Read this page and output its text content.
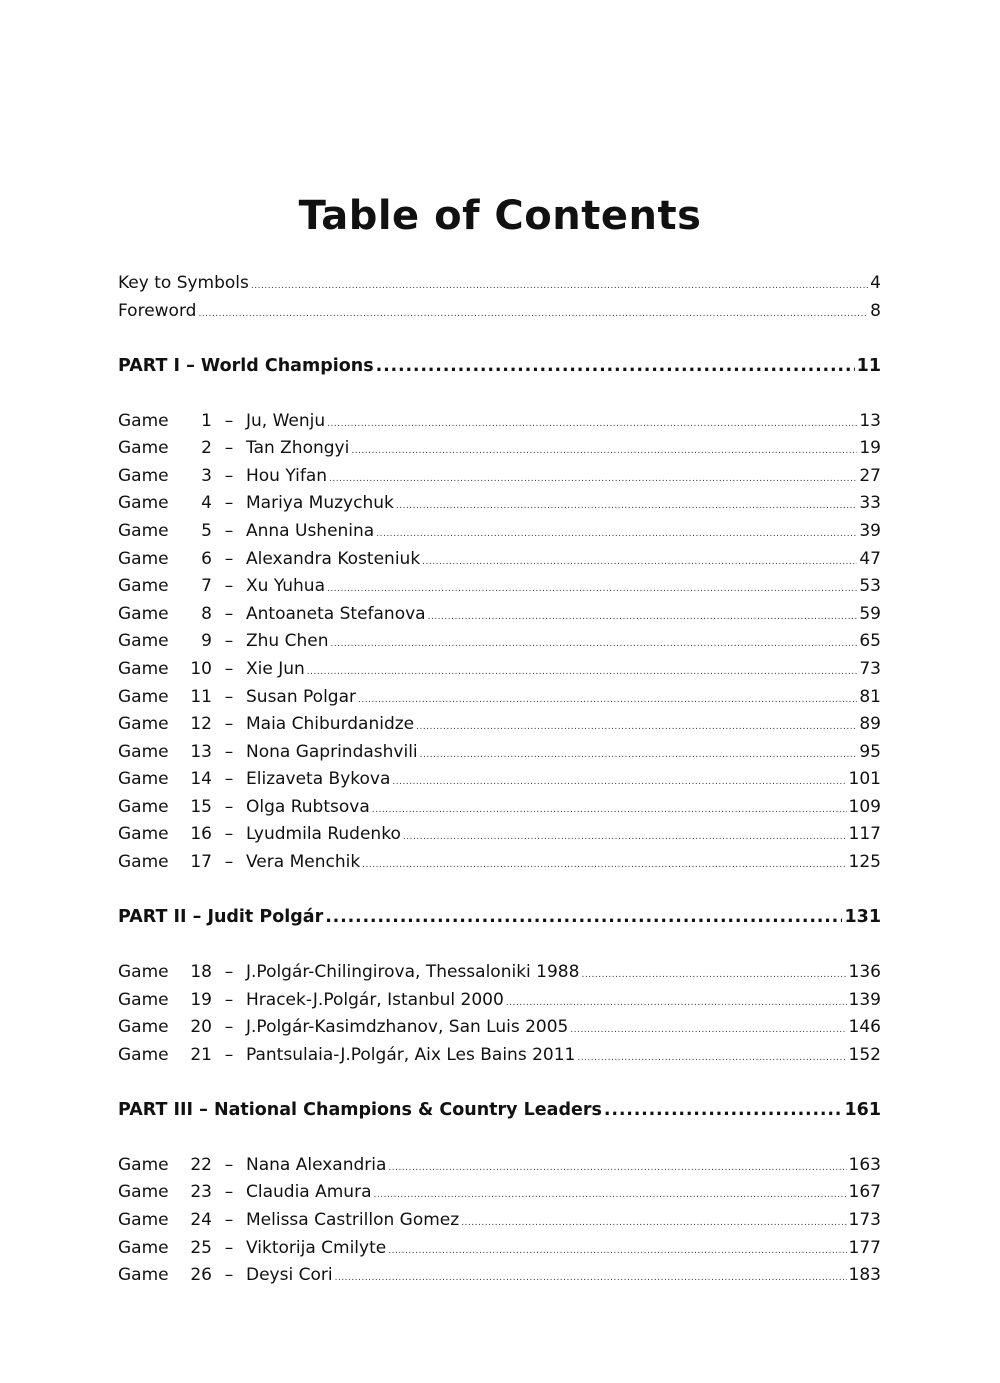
Table of Contents
Key to Symbols .....	4
Foreword .....	8
PART I – World Champions .....	11
Game 1 – Ju, Wenju .....	13
Game 2 – Tan Zhongyi .....	19
Game 3 – Hou Yifan .....	27
Game 4 – Mariya Muzychuk .....	33
Game 5 – Anna Ushenina .....	39
Game 6 – Alexandra Kosteniuk .....	47
Game 7 – Xu Yuhua .....	53
Game 8 – Antoaneta Stefanova .....	59
Game 9 – Zhu Chen .....	65
Game 10 – Xie Jun .....	73
Game 11 – Susan Polgar .....	81
Game 12 – Maia Chiburdanidze .....	89
Game 13 – Nona Gaprindashvili .....	95
Game 14 – Elizaveta Bykova .....	101
Game 15 – Olga Rubtsova .....	109
Game 16 – Lyudmila Rudenko .....	117
Game 17 – Vera Menchik .....	125
PART II – Judit Polgár .....	131
Game 18 – J.Polgár-Chilingirova, Thessaloniki 1988 .....	136
Game 19 – Hracek-J.Polgár, Istanbul 2000 .....	139
Game 20 – J.Polgár-Kasimdzhanov, San Luis 2005 .....	146
Game 21 – Pantsulaia-J.Polgár, Aix Les Bains 2011 .....	152
PART III – National Champions & Country Leaders .....	161
Game 22 – Nana Alexandria .....	163
Game 23 – Claudia Amura .....	167
Game 24 – Melissa Castrillon Gomez .....	173
Game 25 – Viktorija Cmilyte .....	177
Game 26 – Deysi Cori .....	183
